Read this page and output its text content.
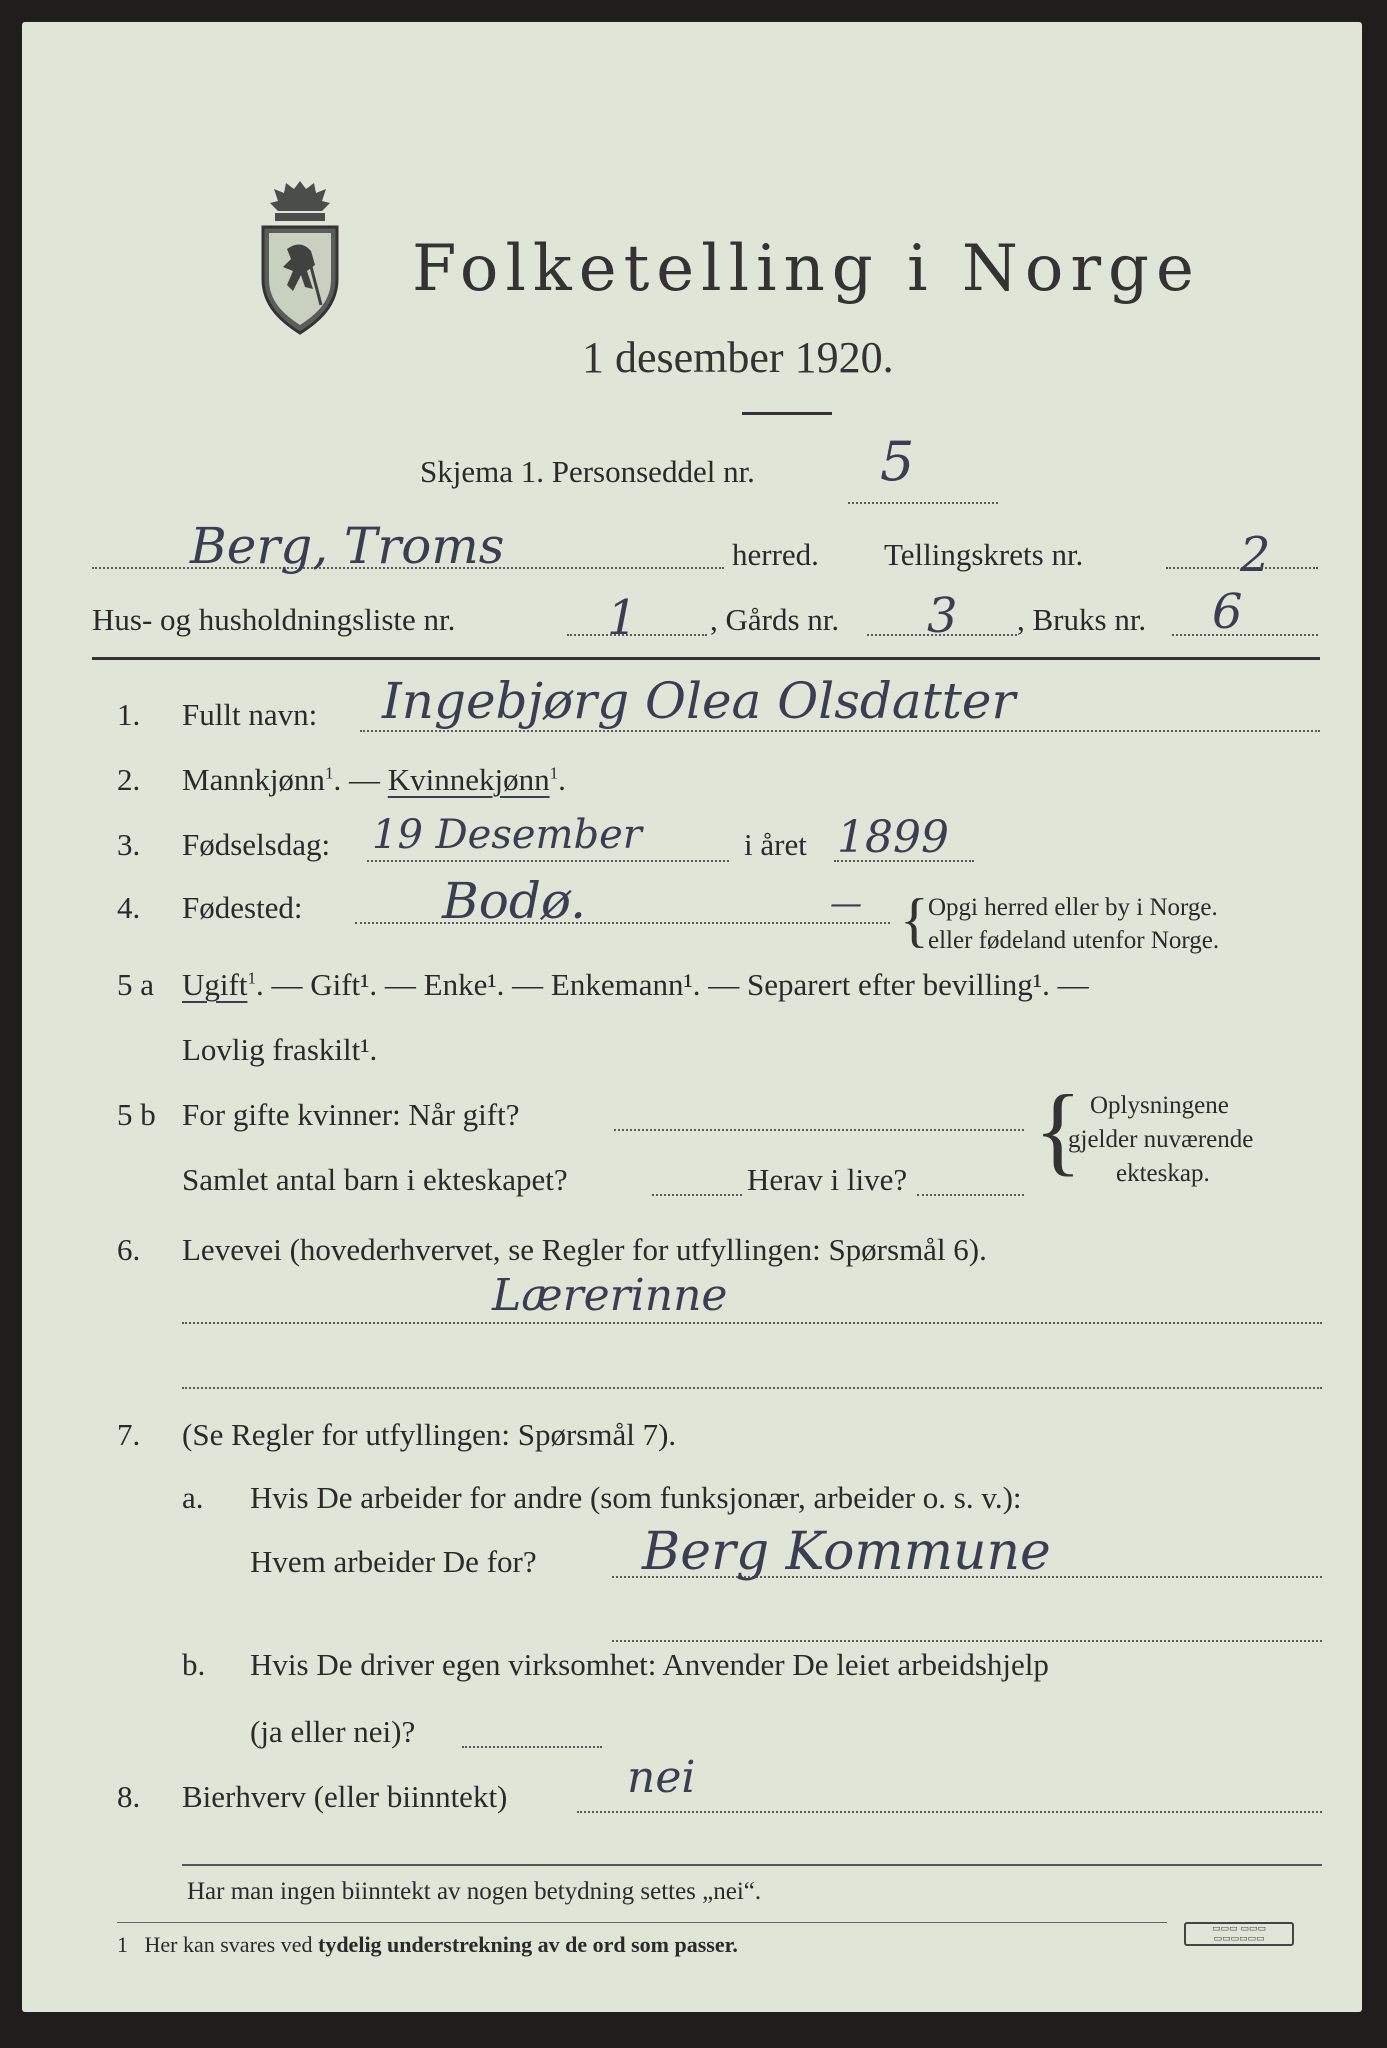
Folketelling i Norge
1 desember 1920.
Skjema 1. Personseddel nr. 5
Berg, Troms	herred. Tellingskrets nr.	2
Hus- og husholdningsliste nr.	1 , Gårds nr. 3 , Bruks nr. 6
1. Fullt navn: Ingebjørg Olea Olsdatter
2. Mannkjønn$^1$. — Kvinnekjønn$^1$.
3. Fødselsdag: 19 Desember	i året 1899
4. Fødested:	Bodø.	— { Opgi herred eller by i Norge.
eller fødeland utenfor Norge.
5 a Ugift$^1$. — Gift¹. — Enke¹. — Enkemann¹. — Separert efter bevilling¹. —
Lovlig fraskilt¹.
5 b For gifte kvinner: Når gift?
Samlet antal barn i ekteskapet?	Herav i live? { Oplysningene
gjelder nuværende
ekteskap.
6. Levevei (hovederhvervet, se Regler for utfyllingen: Spørsmål 6).
Lærerinne
7. (Se Regler for utfyllingen: Spørsmål 7).
a. Hvis De arbeider for andre (som funksjonær, arbeider o. s. v.):
Hvem arbeider De for? Berg Kommune
b. Hvis De driver egen virksomhet: Anvender De leiet arbeidshjelp
(ja eller nei)?
8. Bierhverv (eller biinntekt)	nei
Har man ingen biinntekt av nogen betydning settes „nei“.
1 Her kan svares ved tydelig understrekning av de ord som passer.
▭▭▭ ▭▭▭
▭▭▭▭▭▭
